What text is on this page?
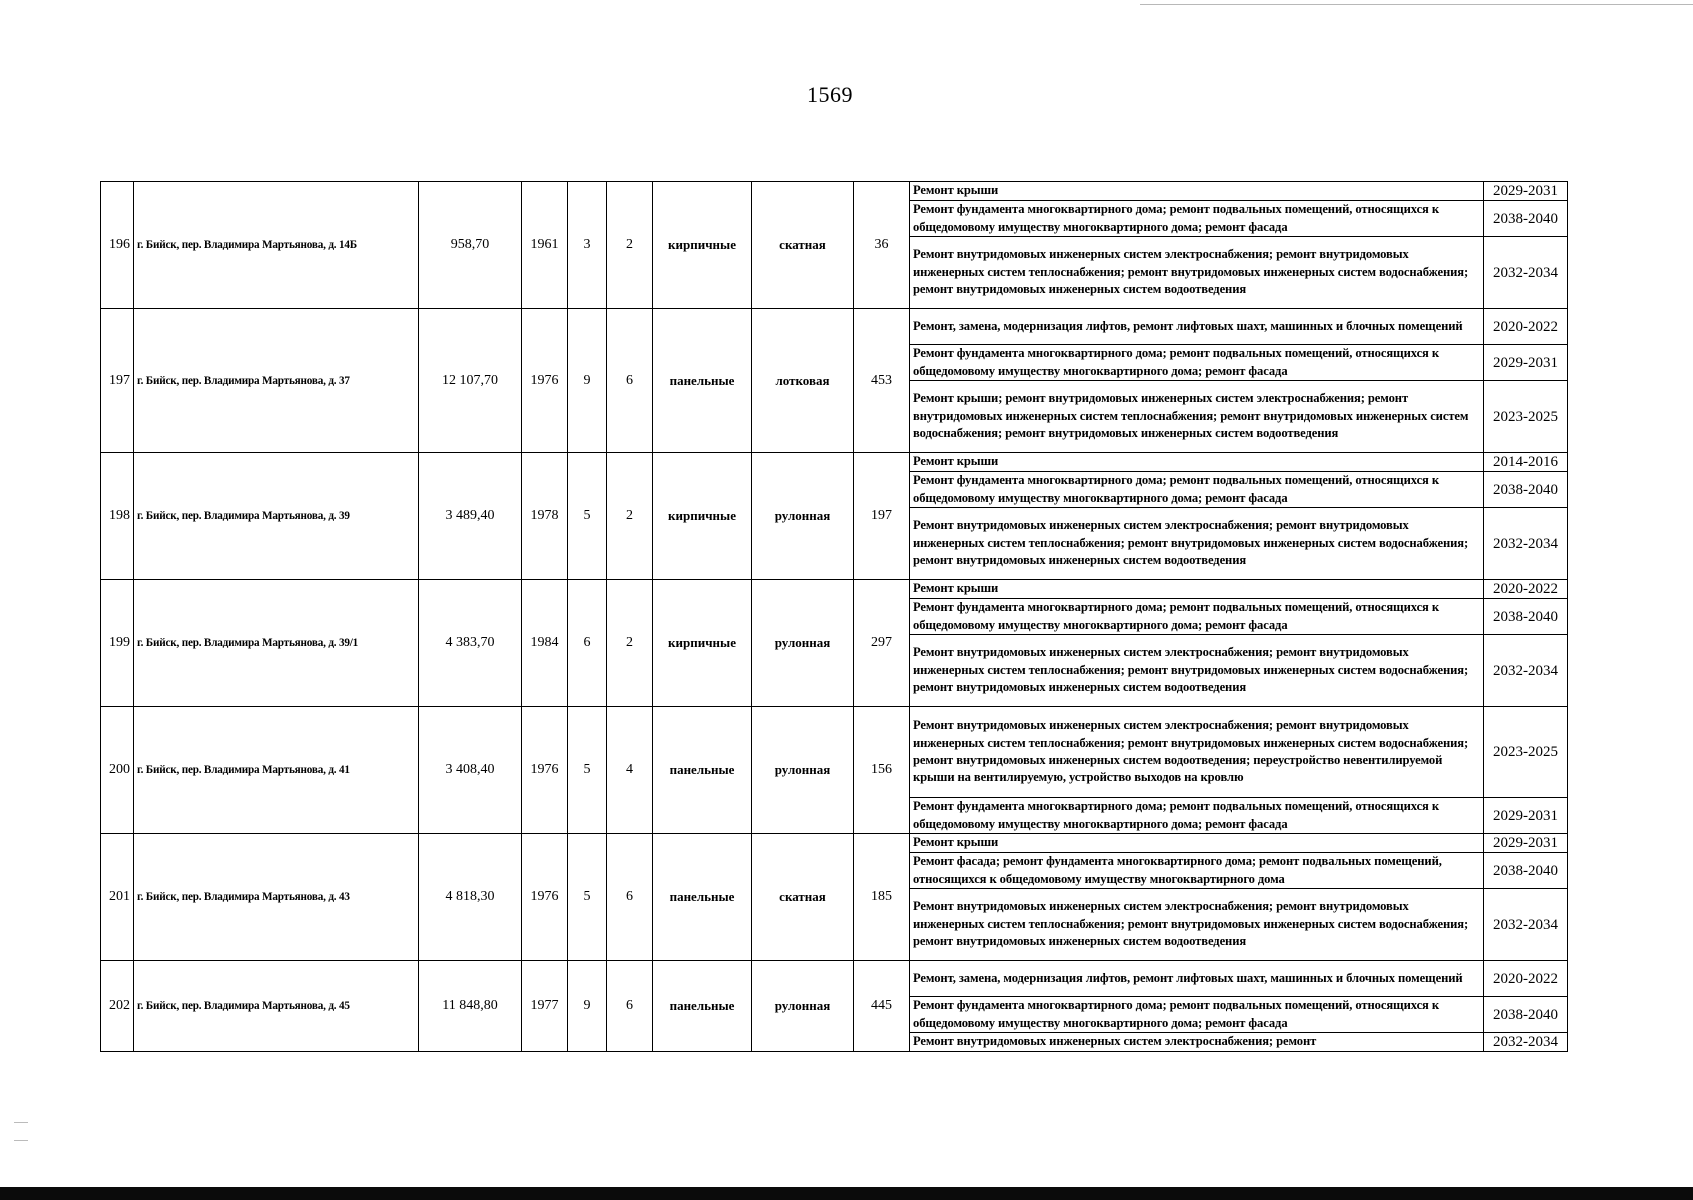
1569
196	г. Бийск, пер. Владимира Мартьянова, д. 14Б	958,70	1961	3	2	кирпичные	скатная	36	Ремонт крыши	2029-2031
									Ремонт фундамента многоквартирного дома; ремонт подвальных помещений, относящихся к общедомовому имуществу многоквартирного дома; ремонт фасада	2038-2040
									Ремонт внутридомовых инженерных систем электроснабжения; ремонт внутридомовых инженерных систем теплоснабжения; ремонт внутридомовых инженерных систем водоснабжения; ремонт внутридомовых инженерных систем водоотведения	2032-2034
197	г. Бийск, пер. Владимира Мартьянова, д. 37	12 107,70	1976	9	6	панельные	лотковая	453	Ремонт, замена, модернизация лифтов, ремонт лифтовых шахт, машинных и блочных помещений	2020-2022
									Ремонт фундамента многоквартирного дома; ремонт подвальных помещений, относящихся к общедомовому имуществу многоквартирного дома; ремонт фасада	2029-2031
									Ремонт крыши; ремонт внутридомовых инженерных систем электроснабжения; ремонт внутридомовых инженерных систем теплоснабжения; ремонт внутридомовых инженерных систем водоснабжения; ремонт внутридомовых инженерных систем водоотведения	2023-2025
198	г. Бийск, пер. Владимира Мартьянова, д. 39	3 489,40	1978	5	2	кирпичные	рулонная	197	Ремонт крыши	2014-2016
									Ремонт фундамента многоквартирного дома; ремонт подвальных помещений, относящихся к общедомовому имуществу многоквартирного дома; ремонт фасада	2038-2040
									Ремонт внутридомовых инженерных систем электроснабжения; ремонт внутридомовых инженерных систем теплоснабжения; ремонт внутридомовых инженерных систем водоснабжения; ремонт внутридомовых инженерных систем водоотведения	2032-2034
199	г. Бийск, пер. Владимира Мартьянова, д. 39/1	4 383,70	1984	6	2	кирпичные	рулонная	297	Ремонт крыши	2020-2022
									Ремонт фундамента многоквартирного дома; ремонт подвальных помещений, относящихся к общедомовому имуществу многоквартирного дома; ремонт фасада	2038-2040
									Ремонт внутридомовых инженерных систем электроснабжения; ремонт внутридомовых инженерных систем теплоснабжения; ремонт внутридомовых инженерных систем водоснабжения; ремонт внутридомовых инженерных систем водоотведения	2032-2034
200	г. Бийск, пер. Владимира Мартьянова, д. 41	3 408,40	1976	5	4	панельные	рулонная	156	Ремонт внутридомовых инженерных систем электроснабжения; ремонт внутридомовых инженерных систем теплоснабжения; ремонт внутридомовых инженерных систем водоснабжения; ремонт внутридомовых инженерных систем водоотведения; переустройство невентилируемой крыши на вентилируемую, устройство выходов на кровлю	2023-2025
									Ремонт фундамента многоквартирного дома; ремонт подвальных помещений, относящихся к общедомовому имуществу многоквартирного дома; ремонт фасада	2029-2031
201	г. Бийск, пер. Владимира Мартьянова, д. 43	4 818,30	1976	5	6	панельные	скатная	185	Ремонт крыши	2029-2031
									Ремонт фасада; ремонт фундамента многоквартирного дома; ремонт подвальных помещений, относящихся к общедомовому имуществу многоквартирного дома	2038-2040
									Ремонт внутридомовых инженерных систем электроснабжения; ремонт внутридомовых инженерных систем теплоснабжения; ремонт внутридомовых инженерных систем водоснабжения; ремонт внутридомовых инженерных систем водоотведения	2032-2034
202	г. Бийск, пер. Владимира Мартьянова, д. 45	11 848,80	1977	9	6	панельные	рулонная	445	Ремонт, замена, модернизация лифтов, ремонт лифтовых шахт, машинных и блочных помещений	2020-2022
									Ремонт фундамента многоквартирного дома; ремонт подвальных помещений, относящихся к общедомовому имуществу многоквартирного дома; ремонт фасада	2038-2040
									Ремонт внутридомовых инженерных систем электроснабжения; ремонт	2032-2034
